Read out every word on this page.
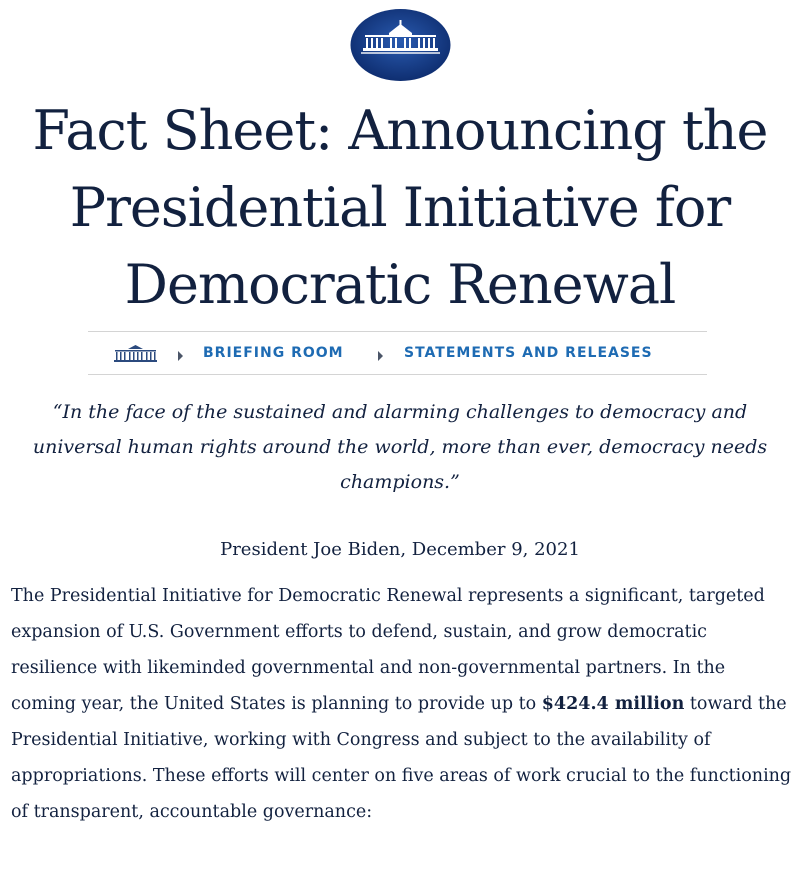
Fact Sheet: Announcing the Presidential Initiative for Democratic Renewal
BRIEFING ROOM	STATEMENTS AND RELEASES

“In the face of the sustained and alarming challenges to democracy and universal human rights around the world, more than ever, democracy needs champions.”

President Joe Biden, December 9, 2021

The Presidential Initiative for Democratic Renewal represents a significant, targeted expansion of U.S. Government efforts to defend, sustain, and grow democratic resilience with likeminded governmental and non-governmental partners. In the coming year, the United States is planning to provide up to $424.4 million toward the Presidential Initiative, working with Congress and subject to the availability of appropriations. These efforts will center on five areas of work crucial to the functioning of transparent, accountable governance:
